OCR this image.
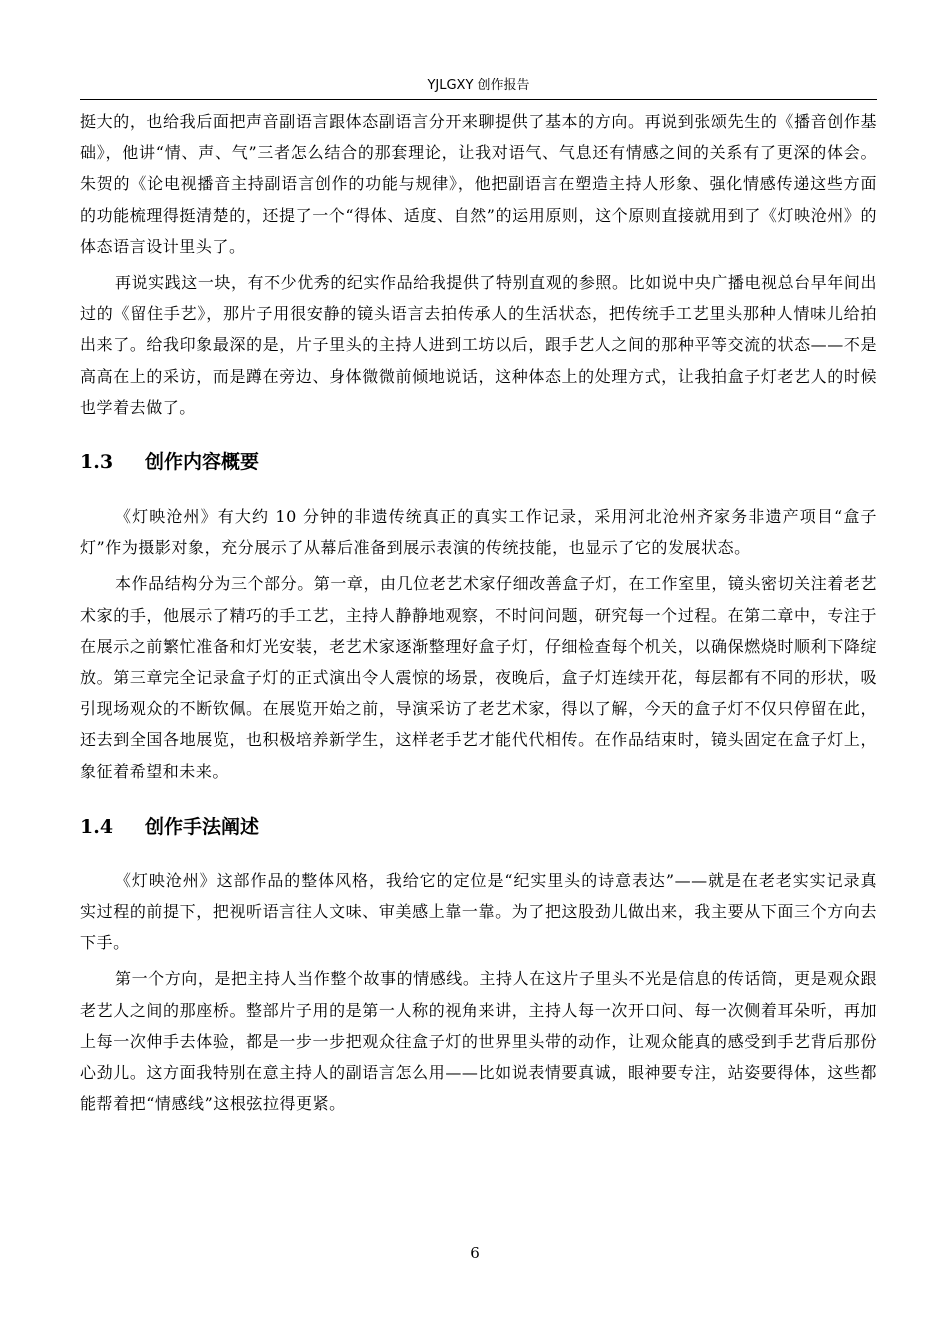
YJLGXY 创作报告

挺大的，也给我后面把声音副语言跟体态副语言分开来聊提供了基本的方向。再说到张颂先生的《播音创作基础》，他讲“情、声、气”三者怎么结合的那套理论，让我对语气、气息还有情感之间的关系有了更深的体会。朱贺的《论电视播音主持副语言创作的功能与规律》，他把副语言在塑造主持人形象、强化情感传递这些方面的功能梳理得挺清楚的，还提了一个“得体、适度、自然”的运用原则，这个原则直接就用到了《灯映沧州》的体态语言设计里头了。

再说实践这一块，有不少优秀的纪实作品给我提供了特别直观的参照。比如说中央广播电视总台早年间出过的《留住手艺》，那片子用很安静的镜头语言去拍传承人的生活状态，把传统手工艺里头那种人情味儿给拍出来了。给我印象最深的是，片子里头的主持人进到工坊以后，跟手艺人之间的那种平等交流的状态——不是高高在上的采访，而是蹲在旁边、身体微微前倾地说话，这种体态上的处理方式，让我拍盒子灯老艺人的时候也学着去做了。

1.3	创作内容概要

《灯映沧州》有大约 10 分钟的非遗传统真正的真实工作记录，采用河北沧州齐家务非遗产项目“盒子灯”作为摄影对象，充分展示了从幕后准备到展示表演的传统技能，也显示了它的发展状态。

本作品结构分为三个部分。第一章，由几位老艺术家仔细改善盒子灯，在工作室里，镜头密切关注着老艺术家的手，他展示了精巧的手工艺，主持人静静地观察，不时问问题，研究每一个过程。在第二章中，专注于在展示之前繁忙准备和灯光安装，老艺术家逐渐整理好盒子灯，仔细检查每个机关，以确保燃烧时顺利下降绽放。第三章完全记录盒子灯的正式演出令人震惊的场景，夜晚后，盒子灯连续开花，每层都有不同的形状，吸引现场观众的不断钦佩。在展览开始之前，导演采访了老艺术家，得以了解，今天的盒子灯不仅只停留在此，还去到全国各地展览，也积极培养新学生，这样老手艺才能代代相传。在作品结束时，镜头固定在盒子灯上，象征着希望和未来。

1.4	创作手法阐述

《灯映沧州》这部作品的整体风格，我给它的定位是“纪实里头的诗意表达”——就是在老老实实记录真实过程的前提下，把视听语言往人文味、审美感上靠一靠。为了把这股劲儿做出来，我主要从下面三个方向去下手。

第一个方向，是把主持人当作整个故事的情感线。主持人在这片子里头不光是信息的传话筒，更是观众跟老艺人之间的那座桥。整部片子用的是第一人称的视角来讲，主持人每一次开口问、每一次侧着耳朵听，再加上每一次伸手去体验，都是一步一步把观众往盒子灯的世界里头带的动作，让观众能真的感受到手艺背后那份心劲儿。这方面我特别在意主持人的副语言怎么用——比如说表情要真诚，眼神要专注，站姿要得体，这些都能帮着把“情感线”这根弦拉得更紧。

6
